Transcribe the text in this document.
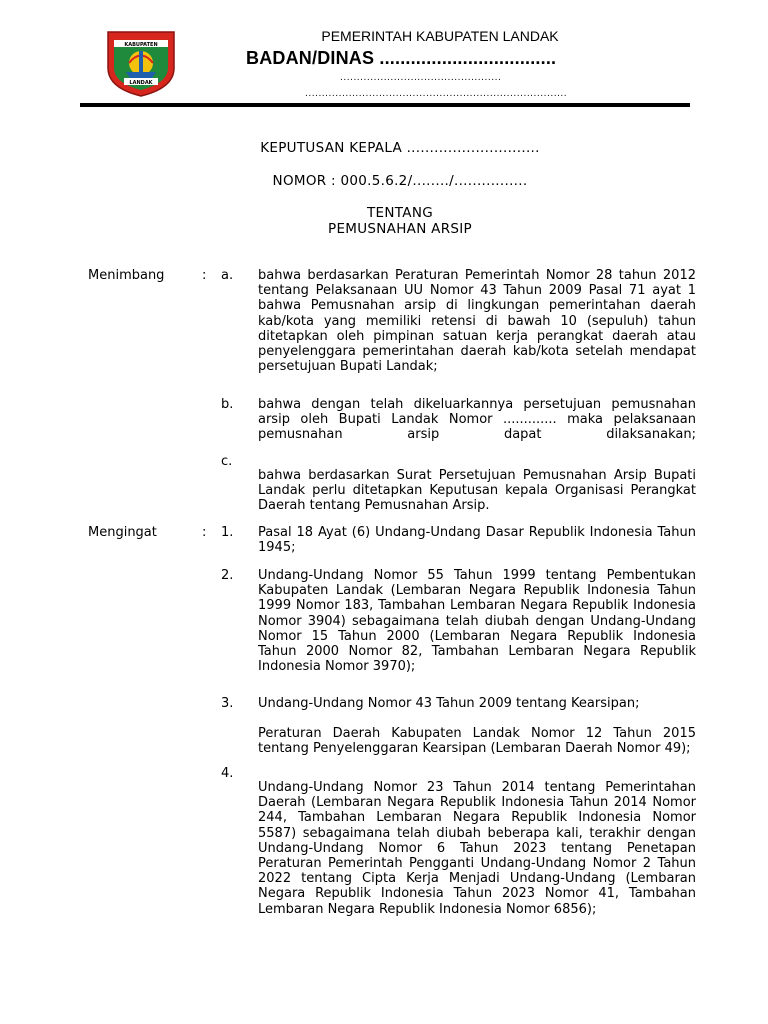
KABUPATEN
LANDAK
PEMERINTAH KABUPATEN LANDAK
BADAN/DINAS ..................................
................................................
..............................................................................
KEPUTUSAN KEPALA .............................
NOMOR : 000.5.6.2/......../................
TENTANG
PEMUSNAHAN ARSIP
Menimbang	: a. bahwa berdasarkan Peraturan Pemerintah Nomor 28 tahun 2012 tentang Pelaksanaan UU Nomor 43 Tahun 2009 Pasal 71 ayat 1 bahwa Pemusnahan arsip di lingkungan pemerintahan daerah kab/kota yang memiliki retensi di bawah 10 (sepuluh) tahun ditetapkan oleh pimpinan satuan kerja perangkat daerah atau penyelenggara pemerintahan daerah kab/kota setelah mendapat persetujuan Bupati Landak;
b. bahwa dengan telah dikeluarkannya persetujuan pemusnahan arsip oleh Bupati Landak Nomor ............. maka pelaksanaan pemusnahan arsip dapat dilaksanakan;
c.
bahwa berdasarkan Surat Persetujuan Pemusnahan Arsip Bupati Landak perlu ditetapkan Keputusan kepala Organisasi Perangkat Daerah tentang Pemusnahan Arsip.
Mengingat	: 1. Pasal 18 Ayat (6) Undang-Undang Dasar Republik Indonesia Tahun 1945;
2. Undang-Undang Nomor 55 Tahun 1999 tentang Pembentukan Kabupaten Landak (Lembaran Negara Republik Indonesia Tahun 1999 Nomor 183, Tambahan Lembaran Negara Republik Indonesia Nomor 3904) sebagaimana telah diubah dengan Undang-Undang Nomor 15 Tahun 2000 (Lembaran Negara Republik Indonesia Tahun 2000 Nomor 82, Tambahan Lembaran Negara Republik Indonesia Nomor 3970);
3. Undang-Undang Nomor 43 Tahun 2009 tentang Kearsipan;
Peraturan Daerah Kabupaten Landak Nomor 12 Tahun 2015 tentang Penyelenggaran Kearsipan (Lembaran Daerah Nomor 49);
4.
Undang-Undang Nomor 23 Tahun 2014 tentang Pemerintahan Daerah (Lembaran Negara Republik Indonesia Tahun 2014 Nomor 244, Tambahan Lembaran Negara Republik Indonesia Nomor 5587) sebagaimana telah diubah beberapa kali, terakhir dengan Undang-Undang Nomor 6 Tahun 2023 tentang Penetapan Peraturan Pemerintah Pengganti Undang-Undang Nomor 2 Tahun 2022 tentang Cipta Kerja Menjadi Undang-Undang (Lembaran Negara Republik Indonesia Tahun 2023 Nomor 41, Tambahan Lembaran Negara Republik Indonesia Nomor 6856);
